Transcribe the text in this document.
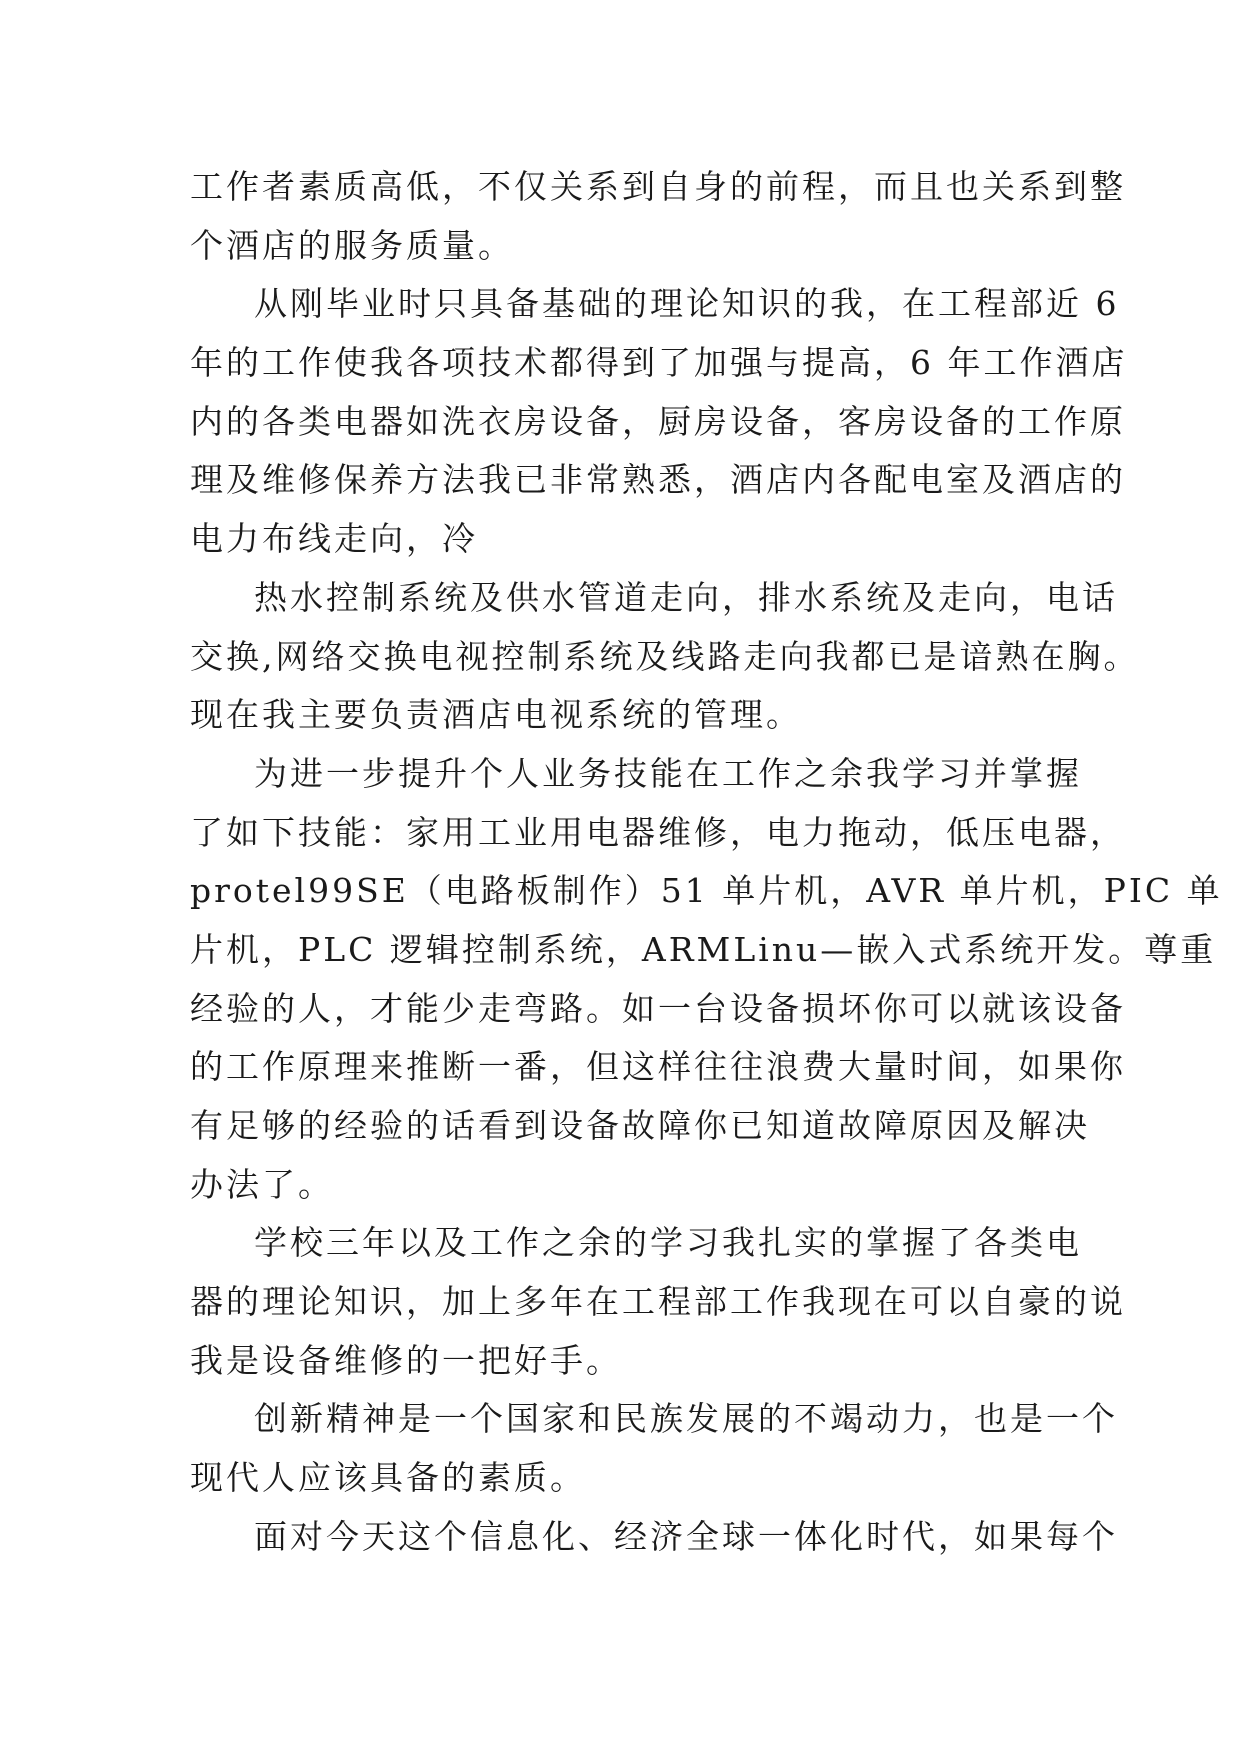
工作者素质高低，不仅关系到自身的前程，而且也关系到整
个酒店的服务质量。
从刚毕业时只具备基础的理论知识的我，在工程部近 6
年的工作使我各项技术都得到了加强与提高，6 年工作酒店
内的各类电器如洗衣房设备，厨房设备，客房设备的工作原
理及维修保养方法我已非常熟悉，酒店内各配电室及酒店的
电力布线走向，冷
热水控制系统及供水管道走向，排水系统及走向，电话
交换,网络交换电视控制系统及线路走向我都已是谙熟在胸。
现在我主要负责酒店电视系统的管理。
为进一步提升个人业务技能在工作之余我学习并掌握
了如下技能：家用工业用电器维修，电力拖动，低压电器，
protel99SE（电路板制作）51 单片机，AVR 单片机，PIC 单
片机，PLC 逻辑控制系统，ARMLinu—嵌入式系统开发。尊重
经验的人，才能少走弯路。如一台设备损坏你可以就该设备
的工作原理来推断一番，但这样往往浪费大量时间，如果你
有足够的经验的话看到设备故障你已知道故障原因及解决
办法了。
学校三年以及工作之余的学习我扎实的掌握了各类电
器的理论知识，加上多年在工程部工作我现在可以自豪的说
我是设备维修的一把好手。
创新精神是一个国家和民族发展的不竭动力，也是一个
现代人应该具备的素质。
面对今天这个信息化、经济全球一体化时代，如果每个
